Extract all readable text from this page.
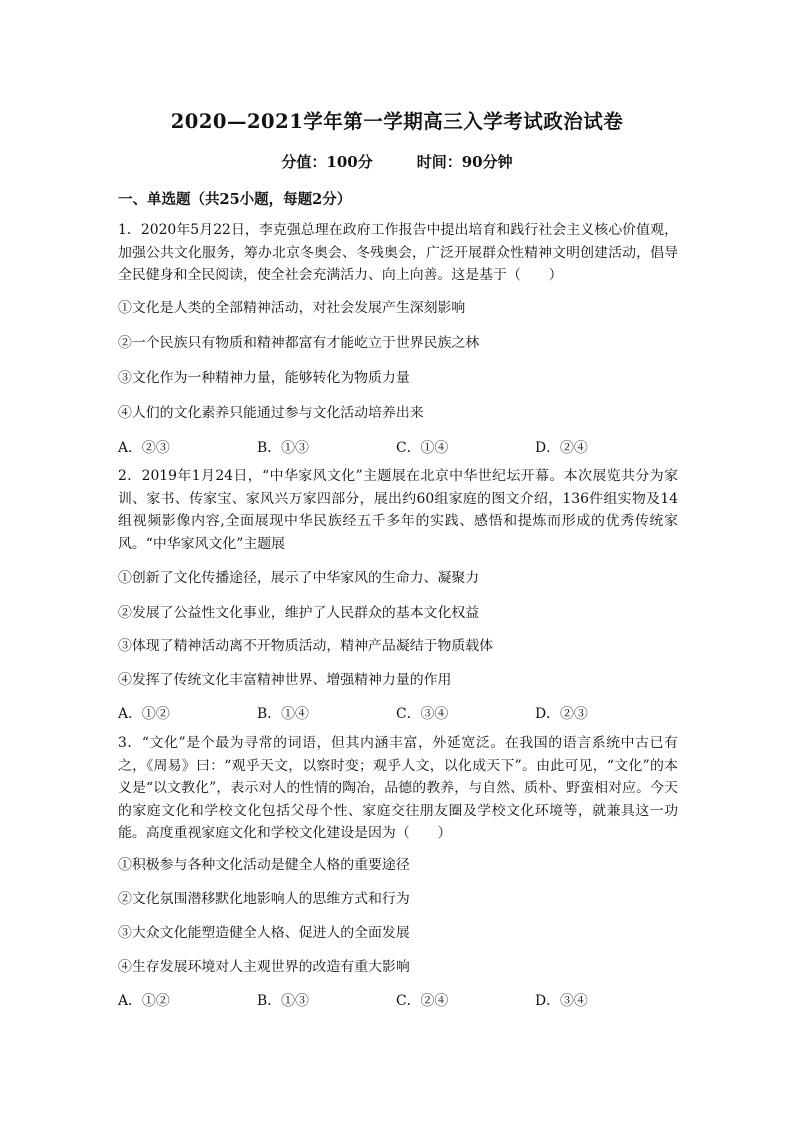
2020—2021学年第一学期高三入学考试政治试卷
分值：100分	时间：90分钟
一、单选题（共25小题，每题2分）
1．2020年5月22日，李克强总理在政府工作报告中提出培育和践行社会主义核心价值观，加强公共文化服务，筹办北京冬奥会、冬残奥会，广泛开展群众性精神文明创建活动，倡导全民健身和全民阅读，使全社会充满活力、向上向善。这是基于（　　）
①文化是人类的全部精神活动，对社会发展产生深刻影响
②一个民族只有物质和精神都富有才能屹立于世界民族之林
③文化作为一种精神力量，能够转化为物质力量
④人们的文化素养只能通过参与文化活动培养出来
A．②③	B．①③	C．①④	D．②④
2．2019年1月24日，“中华家风文化”主题展在北京中华世纪坛开幕。本次展览共分为家训、家书、传家宝、家风兴万家四部分，展出约60组家庭的图文介绍，136件组实物及14组视频影像内容,全面展现中华民族经五千多年的实践、感悟和提炼而形成的优秀传统家风。“中华家风文化”主题展
①创新了文化传播途径，展示了中华家风的生命力、凝聚力
②发展了公益性文化事业，维护了人民群众的基本文化权益
③体现了精神活动离不开物质活动，精神产品凝结于物质载体
④发挥了传统文化丰富精神世界、增强精神力量的作用
A．①②	B．①④	C．③④	D．②③
3．“文化”是个最为寻常的词语，但其内涵丰富，外延宽泛。在我国的语言系统中古已有之，《周易》曰：“观乎天文，以察时变；观乎人文，以化成天下”。由此可见，“文化”的本义是“以文教化”，表示对人的性情的陶冶，品德的教养，与自然、质朴、野蛮相对应。今天的家庭文化和学校文化包括父母个性、家庭交往朋友圈及学校文化环境等，就兼具这一功能。高度重视家庭文化和学校文化建设是因为（　　）
①积极参与各种文化活动是健全人格的重要途径
②文化氛围潜移默化地影响人的思维方式和行为
③大众文化能塑造健全人格、促进人的全面发展
④生存发展环境对人主观世界的改造有重大影响
A．①②	B．①③	C．②④	D．③④
